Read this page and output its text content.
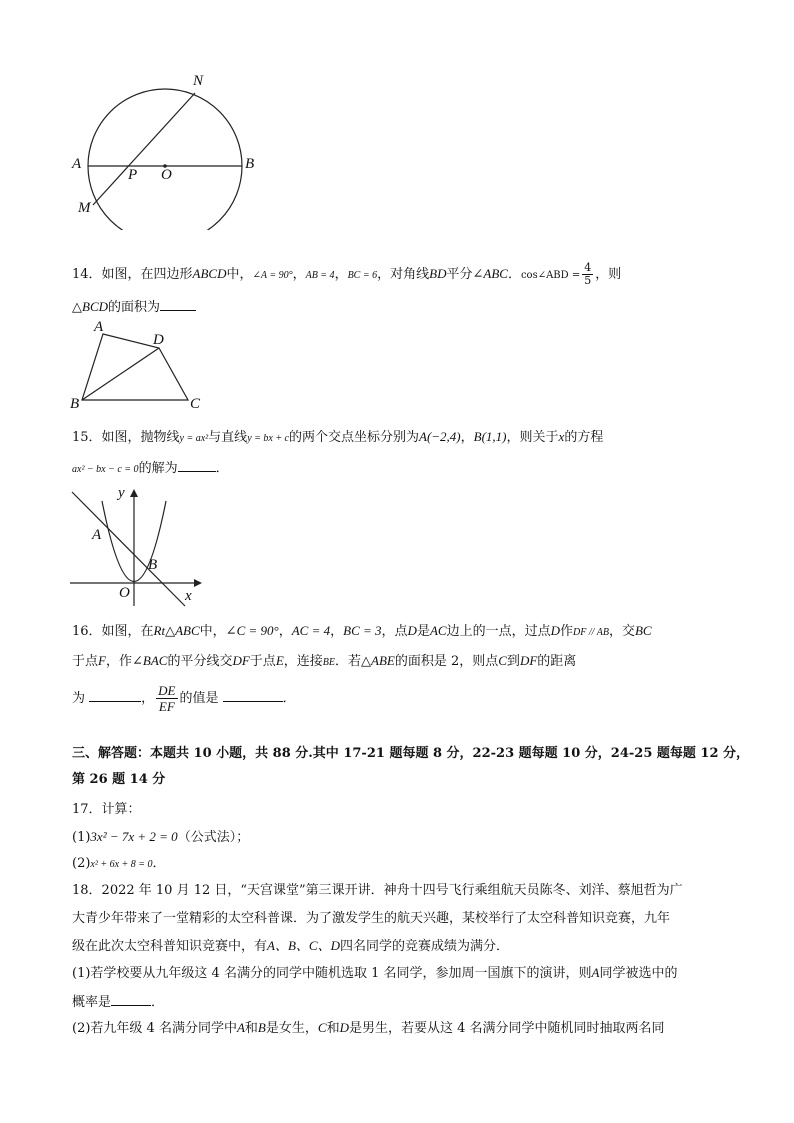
N
A
P O
B
M
14．如图，在四边形ABCD中，∠A = 90°，AB = 4，BC = 6，对角线BD平分∠ABC．cos∠ABD = $\frac{4}{5}$ ，则
△BCD的面积为
A
D
B	C
15．如图，抛物线y = ax²与直线y = bx + c的两个交点坐标分别为A(−2,4)，B(1,1)，则关于x的方程
ax² − bx − c = 0的解为	．
y
A
B
O	x
16．如图，在Rt△ABC中，∠C = 90°，AC = 4，BC = 3，点D是AC边上的一点，过点D作DF // AB，交BC
于点F，作∠BAC的平分线交DF于点E，连接BE．若△ABE的面积是 2，则点C到DF的距离
为	， $\frac{DE}{EF}$ 的值是	．
三、解答题：本题共 10 小题，共 88 分.其中 17-21 题每题 8 分，22-23 题每题 10 分，24-25 题每题 12 分，
第 26 题 14 分
17．计算：
(1)3x² − 7x + 2 = 0（公式法）；
(2)x² + 6x + 8 = 0．
18．2022 年 10 月 12 日，“天宫课堂”第三课开讲．神舟十四号飞行乘组航天员陈冬、刘洋、蔡旭哲为广
大青少年带来了一堂精彩的太空科普课．为了激发学生的航天兴趣，某校举行了太空科普知识竞赛，九年
级在此次太空科普知识竞赛中，有A、B、C、D四名同学的竞赛成绩为满分．
(1)若学校要从九年级这 4 名满分的同学中随机选取 1 名同学，参加周一国旗下的演讲，则A同学被选中的
概率是	．
(2)若九年级 4 名满分同学中A和B是女生，C和D是男生，若要从这 4 名满分同学中随机同时抽取两名同
